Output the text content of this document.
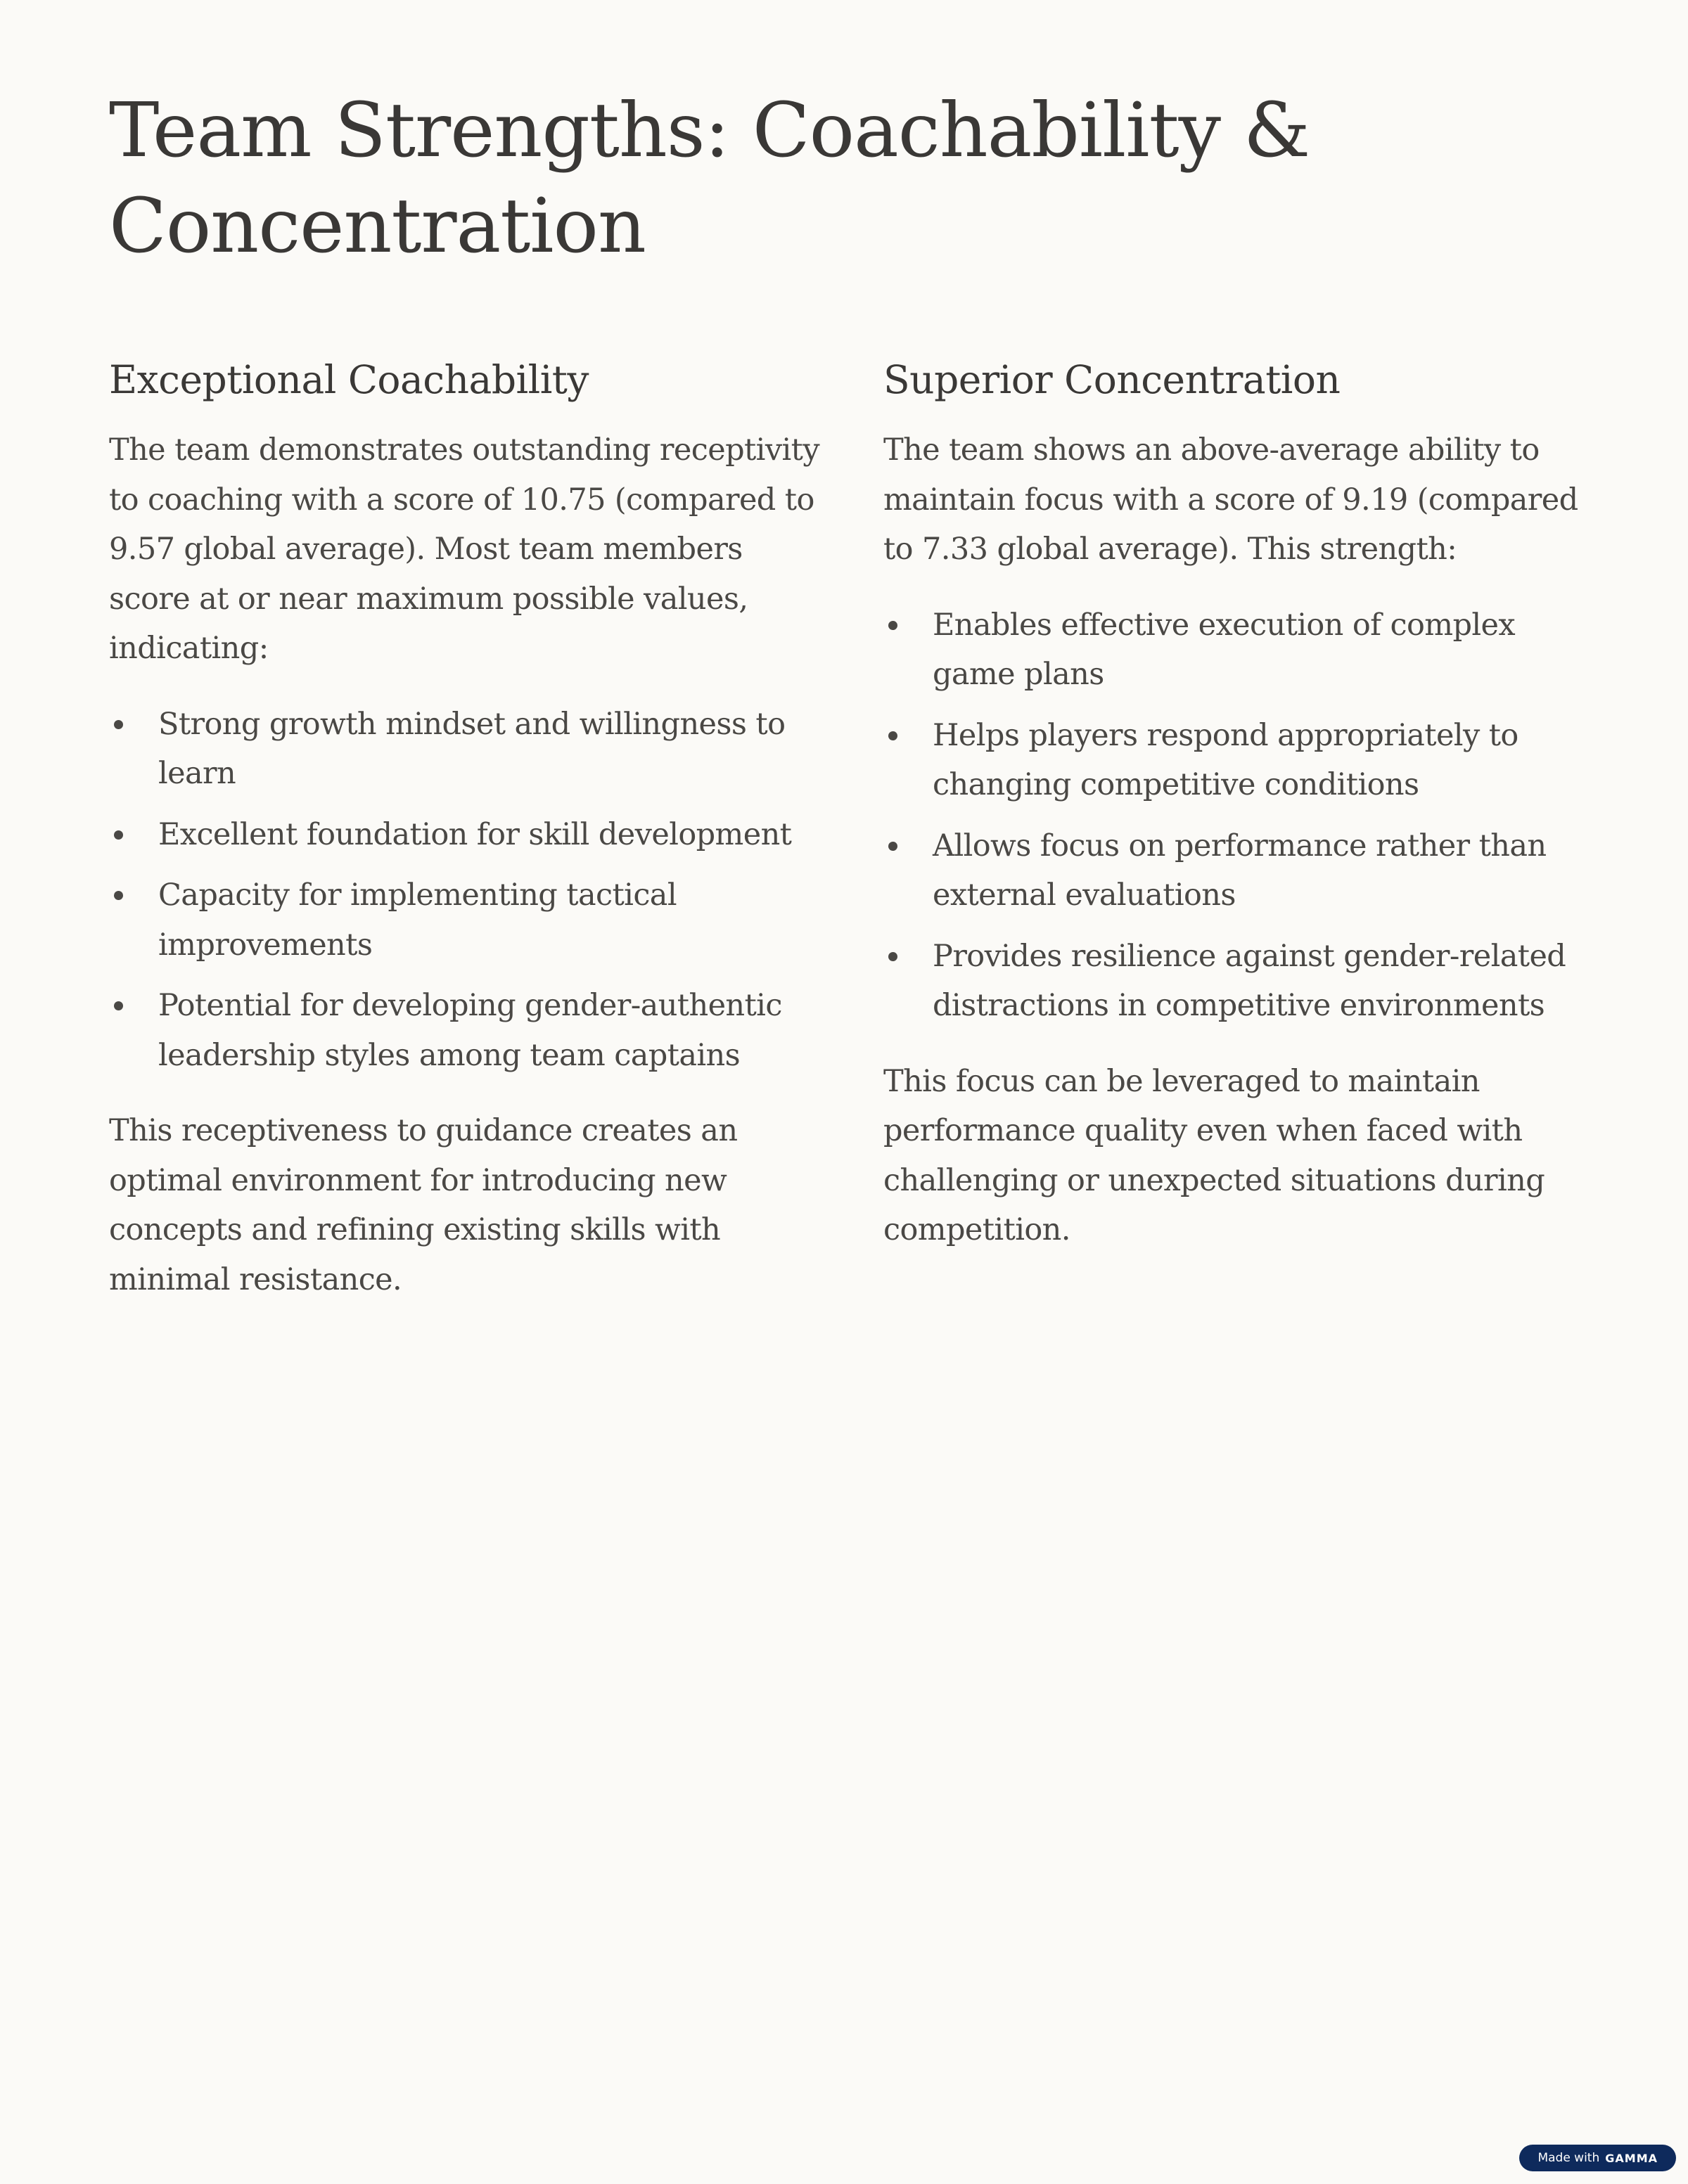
Team Strengths: Coachability & Concentration
Exceptional Coachability

The team demonstrates outstanding receptivity to coaching with a score of 10.75 (compared to 9.57 global average). Most team members score at or near maximum possible values, indicating:

Strong growth mindset and willingness to learn
Excellent foundation for skill development
Capacity for implementing tactical improvements
Potential for developing gender-authentic leadership styles among team captains

This receptiveness to guidance creates an optimal environment for introducing new concepts and refining existing skills with minimal resistance.

Superior Concentration

The team shows an above-average ability to maintain focus with a score of 9.19 (compared to 7.33 global average). This strength:

Enables effective execution of complex game plans
Helps players respond appropriately to changing competitive conditions
Allows focus on performance rather than external evaluations
Provides resilience against gender-related distractions in competitive environments

This focus can be leveraged to maintain performance quality even when faced with challenging or unexpected situations during competition.

Made with GAMMA
